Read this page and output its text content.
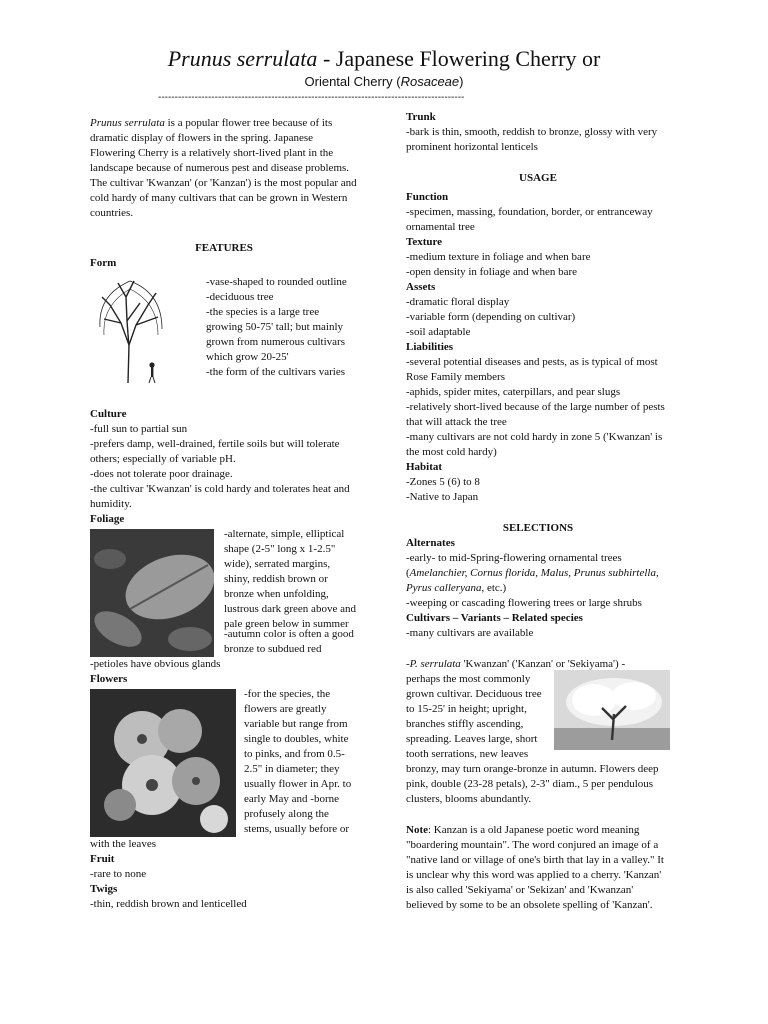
Prunus serrulata - Japanese Flowering Cherry or
Oriental Cherry (Rosaceae)
--------------------------------------------------------------------------------------------

Prunus serrulata is a popular flower tree because of its dramatic display of flowers in the spring. Japanese Flowering Cherry is a relatively short-lived plant in the landscape because of numerous pest and disease problems. The cultivar 'Kwanzan' (or 'Kanzan') is the most popular and cold hardy of many cultivars that can be grown in Western countries.

FEATURES

Form

-vase-shaped to rounded outline

-deciduous tree

-the species is a large tree growing 50-75' tall; but mainly grown from numerous cultivars which grow 20-25'

-the form of the cultivars varies

Culture

-full sun to partial sun

-prefers damp, well-drained, fertile soils but will tolerate others; especially of variable pH.

-does not tolerate poor drainage.

-the cultivar 'Kwanzan' is cold hardy and tolerates heat and humidity.

Foliage

-alternate, simple, elliptical shape (2-5" long x 1-2.5" wide), serrated margins, shiny, reddish brown or bronze when unfolding, lustrous dark green above and pale green below in summer

-autumn color is often a good bronze to subdued red

-petioles have obvious glands

Flowers

-for the species, the flowers are greatly variable but range from single to doubles, white to pinks, and from 0.5-2.5" in diameter; they usually flower in Apr. to early May and -borne profusely along the stems, usually before or with the leaves

Fruit

-rare to none

Twigs

-thin, reddish brown and lenticelled

Trunk

-bark is thin, smooth, reddish to bronze, glossy with very prominent horizontal lenticels

USAGE

Function

-specimen, massing, foundation, border, or entranceway ornamental tree

Texture

-medium texture in foliage and when bare

-open density in foliage and when bare

Assets

-dramatic floral display

-variable form (depending on cultivar)

-soil adaptable

Liabilities

-several potential diseases and pests, as is typical of most Rose Family members

-aphids, spider mites, caterpillars, and pear slugs

-relatively short-lived because of the large number of pests that will attack the tree

-many cultivars are not cold hardy in zone 5 ('Kwanzan' is the most cold hardy)

Habitat

-Zones 5 (6) to 8

-Native to Japan

SELECTIONS

Alternates

-early- to mid-Spring-flowering ornamental trees

(Amelanchier, Cornus florida, Malus, Prunus subhirtella, Pyrus calleryana, etc.)

-weeping or cascading flowering trees or large shrubs

Cultivars – Variants – Related species

-many cultivars are available

-P. serrulata 'Kwanzan' ('Kanzan' or 'Sekiyama') -

perhaps the most commonly grown cultivar. Deciduous tree to 15-25' in height; upright, branches stiffly ascending, spreading. Leaves large, short tooth serrations, new leaves bronzy, may turn orange-bronze in autumn. Flowers deep pink, double (23-28 petals), 2-3" diam., 5 per pendulous clusters, blooms abundantly.

Note: Kanzan is a old Japanese poetic word meaning "boardering mountain". The word conjured an image of a "native land or village of one's birth that lay in a valley." It is unclear why this word was applied to a cherry. 'Kanzan' is also called 'Sekiyama' or 'Sekizan' and 'Kwanzan' believed by some to be an obsolete spelling of 'Kanzan'.
